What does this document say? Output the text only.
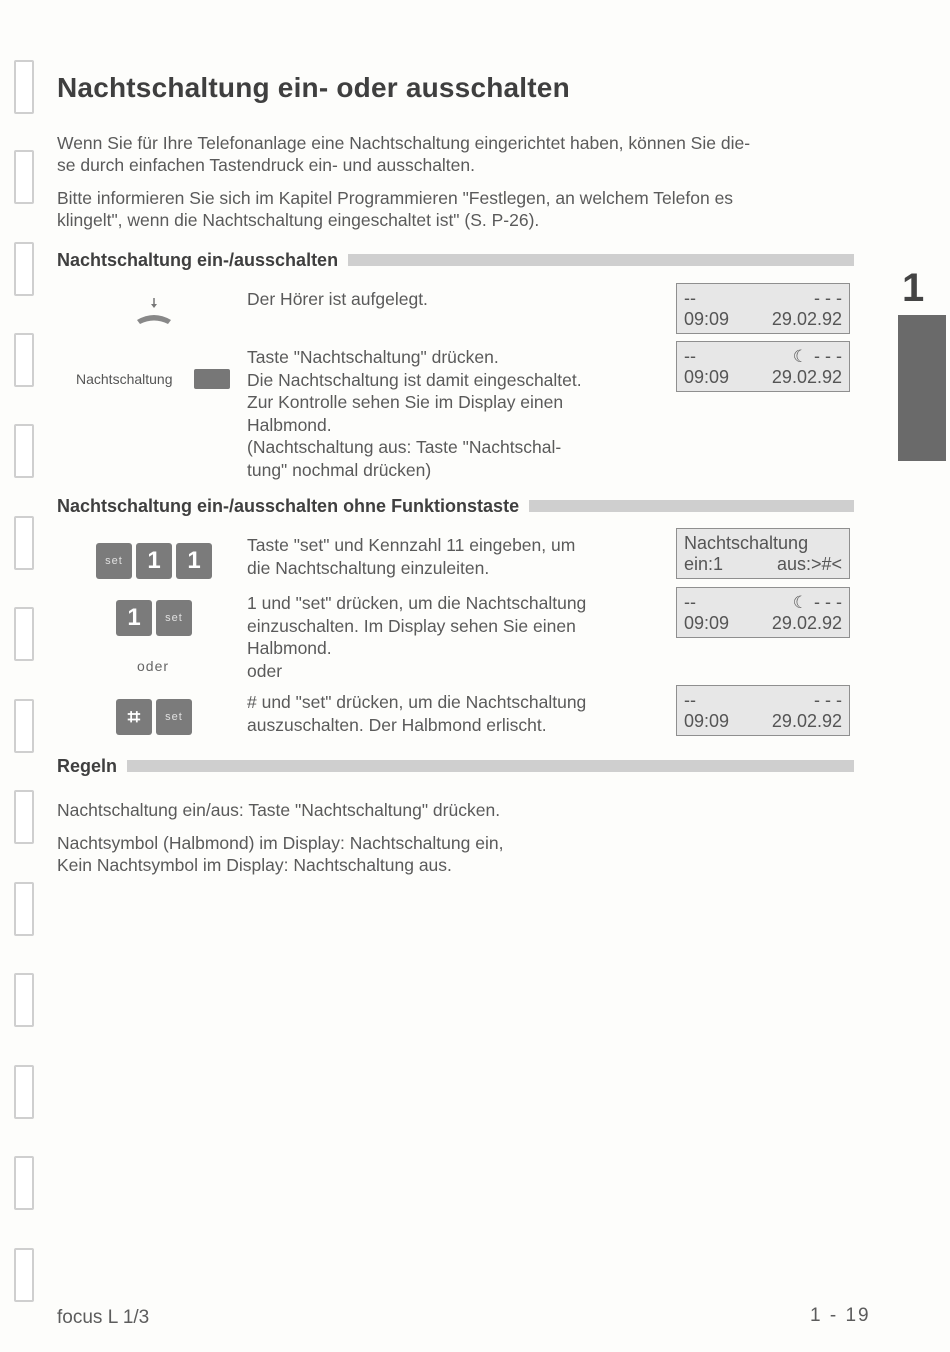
1
Nachtschaltung ein- oder ausschalten
Wenn Sie für Ihre Telefonanlage eine Nachtschaltung eingerichtet haben, können Sie die-
se durch einfachen Tastendruck ein- und ausschalten.
Bitte informieren Sie sich im Kapitel Programmieren "Festlegen, an welchem Telefon es
klingelt", wenn die Nachtschaltung eingeschaltet ist" (S. P-26).
Nachtschaltung ein-/ausschalten
Der Hörer ist aufgelegt.	--	- - -
09:09 29.02.92
Nachtschaltung
Taste "Nachtschaltung" drücken.
Die Nachtschaltung ist damit eingeschaltet.
Zur Kontrolle sehen Sie im Display einen
Halbmond.
(Nachtschaltung aus: Taste "Nachtschal-
tung" nochmal drücken)
--	☾ - - -
09:09 29.02.92
Nachtschaltung ein-/ausschalten ohne Funktionstaste
set	1	1
Taste "set" und Kennzahl 11 eingeben, um
die Nachtschaltung einzuleiten.
Nachtschaltung
ein:1	aus:>#<
1	set
oder
1 und "set" drücken, um die Nachtschaltung
einzuschalten. Im Display sehen Sie einen
Halbmond.
oder
--	☾ - - -
09:09 29.02.92
⌗	set
# und "set" drücken, um die Nachtschaltung
auszuschalten. Der Halbmond erlischt.
--	- - -
09:09 29.02.92
Regeln
Nachtschaltung ein/aus: Taste "Nachtschaltung" drücken.
Nachtsymbol (Halbmond) im Display: Nachtschaltung ein,
Kein Nachtsymbol im Display: Nachtschaltung aus.
focus L 1/3	1 - 19
